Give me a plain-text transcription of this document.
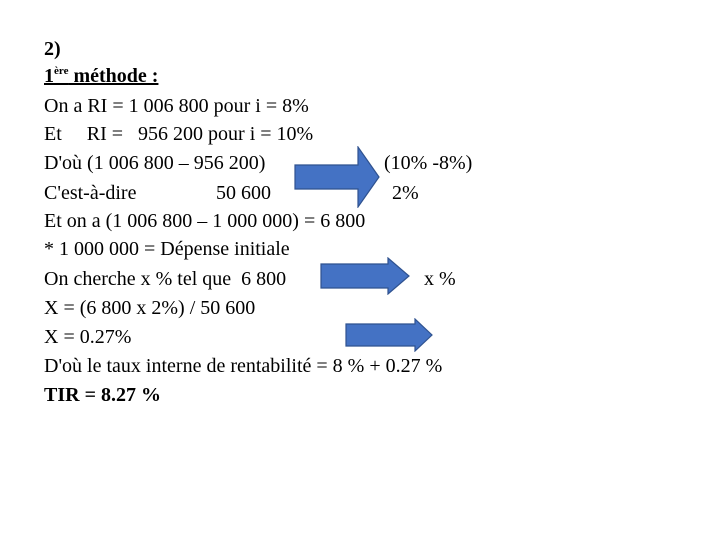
2)
1ère méthode :
On a RI = 1 006 800 pour i = 8%
Et     RI =   956 200 pour i = 10%
D'où (1 006 800 – 956 200)	(10% -8%)
C'est-à-dire	50 600	2%
Et on a (1 006 800 – 1 000 000) = 6 800
* 1 000 000 = Dépense initiale
On cherche x % tel que  6 800	x %
X = (6 800 x 2%) / 50 600
X = 0.27%
D'où le taux interne de rentabilité = 8 % + 0.27 %
TIR = 8.27 %
